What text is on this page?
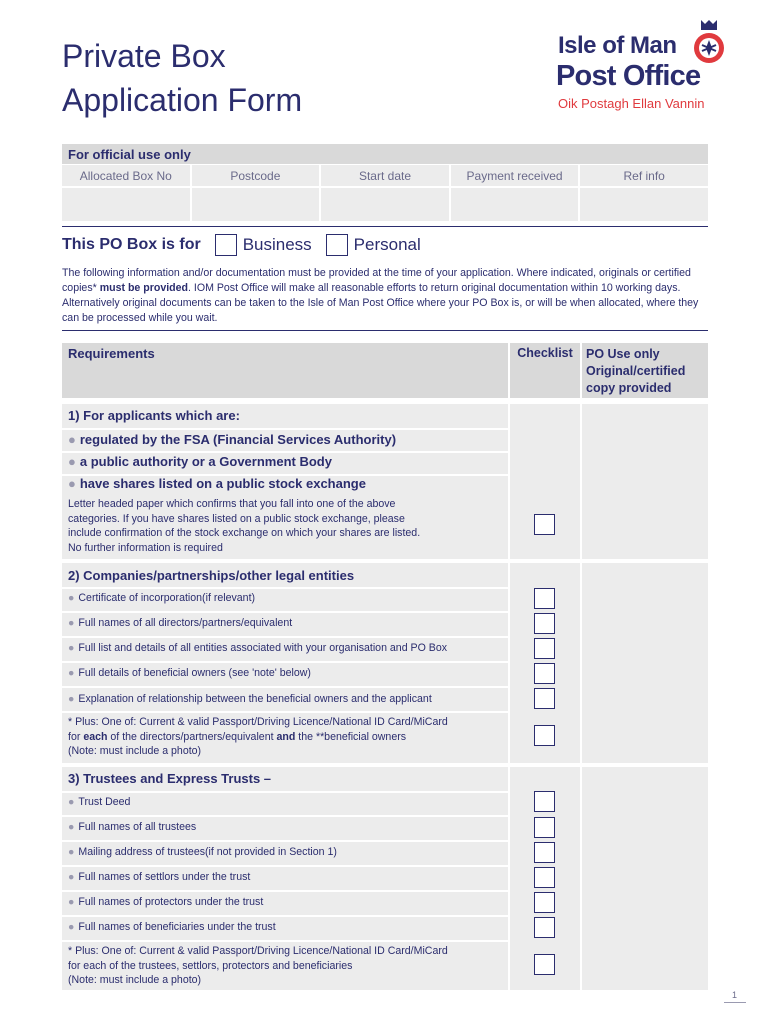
Private Box
Application Form
Isle of Man
Post Office
Oik Postagh Ellan Vannin
For official use only
Allocated Box No	Postcode	Start date	Payment received	Ref info
This PO Box is for Business Personal
The following information and/or documentation must be provided at the time of your application. Where indicated, originals or certified copies* must be provided. IOM Post Office will make all reasonable efforts to return original documentation within 10 working days. Alternatively original documents can be taken to the Isle of Man Post Office where your PO Box is, or will be when allocated, where they can be processed while you wait.
Requirements	Checklist	PO Use only
Original/certified
copy provided
1) For applicants which are:
● regulated by the FSA (Financial Services Authority)
● a public authority or a Government Body
● have shares listed on a public stock exchange
Letter headed paper which confirms that you fall into one of the above
categories. If you have shares listed on a public stock exchange, please
include confirmation of the stock exchange on which your shares are listed.
No further information is required
2) Companies/partnerships/other legal entities
● Certificate of incorporation(if relevant)
● Full names of all directors/partners/equivalent
● Full list and details of all entities associated with your organisation and PO Box
● Full details of beneficial owners (see 'note' below)
● Explanation of relationship between the beneficial owners and the applicant
* Plus: One of: Current & valid Passport/Driving Licence/National ID Card/MiCard
for each of the directors/partners/equivalent and the **beneficial owners
(Note: must include a photo)
3) Trustees and Express Trusts –
● Trust Deed
● Full names of all trustees
● Mailing address of trustees(if not provided in Section 1)
● Full names of settlors under the trust
● Full names of protectors under the trust
● Full names of beneficiaries under the trust
* Plus: One of: Current & valid Passport/Driving Licence/National ID Card/MiCard
for each of the trustees, settlors, protectors and beneficiaries
(Note: must include a photo)
1
